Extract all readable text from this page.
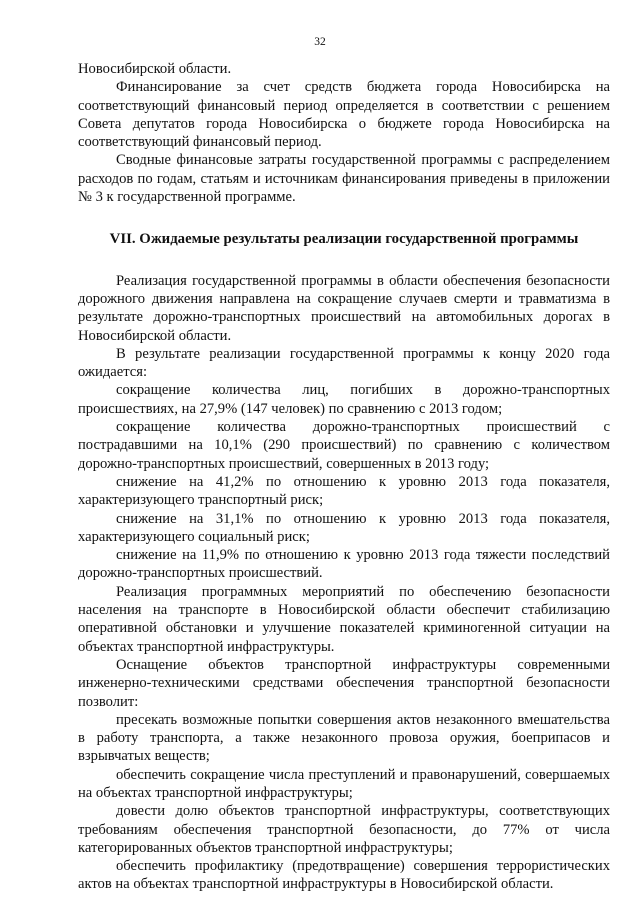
32

Новосибирской области.

Финансирование за счет средств бюджета города Новосибирска на соответствующий финансовый период определяется в соответствии с решением Совета депутатов города Новосибирска о бюджете города Новосибирска на соответствующий финансовый период.

Сводные финансовые затраты государственной программы с распределением расходов по годам, статьям и источникам финансирования приведены в приложении № 3 к государственной программе.

VII. Ожидаемые результаты реализации государственной программы

Реализация государственной программы в области обеспечения безопасности дорожного движения направлена на сокращение случаев смерти и травматизма в результате дорожно-транспортных происшествий на автомобильных дорогах в Новосибирской области.

В результате реализации государственной программы к концу 2020 года ожидается:

сокращение количества лиц, погибших в дорожно-транспортных происшествиях, на 27,9% (147 человек) по сравнению с 2013 годом;

сокращение количества дорожно-транспортных происшествий с пострадавшими на 10,1% (290 происшествий) по сравнению с количеством дорожно-транспортных происшествий, совершенных в 2013 году;

снижение на 41,2% по отношению к уровню 2013 года показателя, характеризующего транспортный риск;

снижение на 31,1% по отношению к уровню 2013 года показателя, характеризующего социальный риск;

снижение на 11,9% по отношению к уровню 2013 года тяжести последствий дорожно-транспортных происшествий.

Реализация программных мероприятий по обеспечению безопасности населения на транспорте в Новосибирской области обеспечит стабилизацию оперативной обстановки и улучшение показателей криминогенной ситуации на объектах транспортной инфраструктуры.

Оснащение объектов транспортной инфраструктуры современными инженерно-техническими средствами обеспечения транспортной безопасности позволит:

пресекать возможные попытки совершения актов незаконного вмешательства в работу транспорта, а также незаконного провоза оружия, боеприпасов и взрывчатых веществ;

обеспечить сокращение числа преступлений и правонарушений, совершаемых на объектах транспортной инфраструктуры;

довести долю объектов транспортной инфраструктуры, соответствующих требованиям обеспечения транспортной безопасности, до 77% от числа категорированных объектов транспортной инфраструктуры;

обеспечить профилактику (предотвращение) совершения террористических актов на объектах транспортной инфраструктуры в Новосибирской области.
